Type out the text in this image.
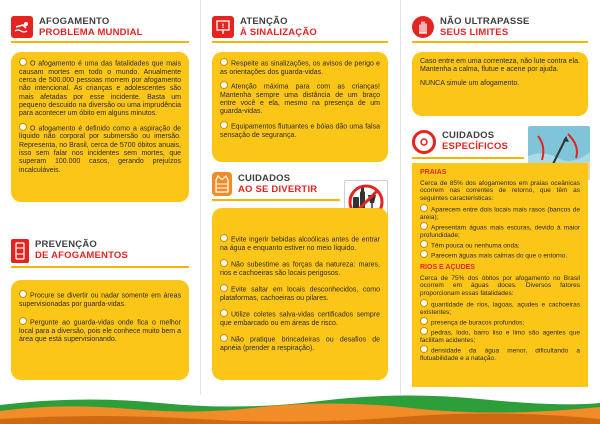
AFOGAMENTO
PROBLEMA MUNDIAL

O afogamento é uma das fatalidades que mais causam mortes em todo o mundo. Anualmente cerca de 500.000 pessoas morrem por afogamento não intencional. As crianças e adolescentes são mais afetadas por esse incidente. Basta um pequeno descuido na diversão ou uma imprudência para acontecer um óbito em alguns minutos.

O afogamento é definido como a aspiração de líquido não corporal por submersão ou imersão. Representa, no Brasil, cerca de 5700 óbitos anuais, isso sem falar nos incidentes sem mortes, que superam 100.000 casos, gerando prejuízos incalculáveis.

PREVENÇÃO
DE AFOGAMENTOS

Procure se divertir ou nadar somente em áreas supervisionadas por guarda-vidas.

Pergunte ao guarda-vidas onde fica o melhor local para a diversão, pois ele conhece muito bem a área que está supervisionando.

! ATENÇÃO
À SINALIZAÇÃO

Respeite as sinalizações, os avisos de perigo e as orientações dos guarda-vidas.

Atenção máxima para com as crianças! Mantenha sempre uma distância de um braço entre você e ela, mesmo na presença de um guarda-vidas.

Equipamentos flutuantes e bóias dão uma falsa sensação de segurança.

CUIDADOS
AO SE DIVERTIR

Evite ingerir bebidas alcoólicas antes de entrar na água e enquanto estiver no meio líquido.

Não subestime as forças da natureza: mares, rios e cachoeiras são locais perigosos.

Evite saltar em locais desconhecidos, como plataformas, cachoeiras ou pilares.

Utilize coletes salva-vidas certificados sempre que embarcado ou em áreas de risco.

Não pratique brincadeiras ou desafios de apnéia (prender a respiração).

NÃO ULTRAPASSE
SEUS LIMITES

Caso entre em uma correnteza, não lute contra ela. Mantenha a calma, flutue e acene por ajuda.

NUNCA simule um afogamento.

CUIDADOS
ESPECÍFICOS
PRAIAS

Cerca de 85% dos afogamentos em praias oceânicas ocorrem nas correntes de retorno, que têm as seguintes características:

Aparecem entre dois locais mais rasos (bancos de areia);
Apresentam águas mais escuras, devido à maior profundidade;
Têm pouca ou nenhuma onda;
Parecem águas mais calmas do que o entorno.
RIOS E AÇUDES

Cerca de 75% dos óbitos por afogamento no Brasil ocorrem em águas doces. Diversos fatores proporcionam essas fatalidades:

quantidade de rios, lagoas, açudes e cachoeiras existentes;
presença de buracos profundos;
pedras, lodo, barro liso e limo são agentes que facilitam acidentes;
densidade da água menor, dificultando a flutuabilidade e a natação.
